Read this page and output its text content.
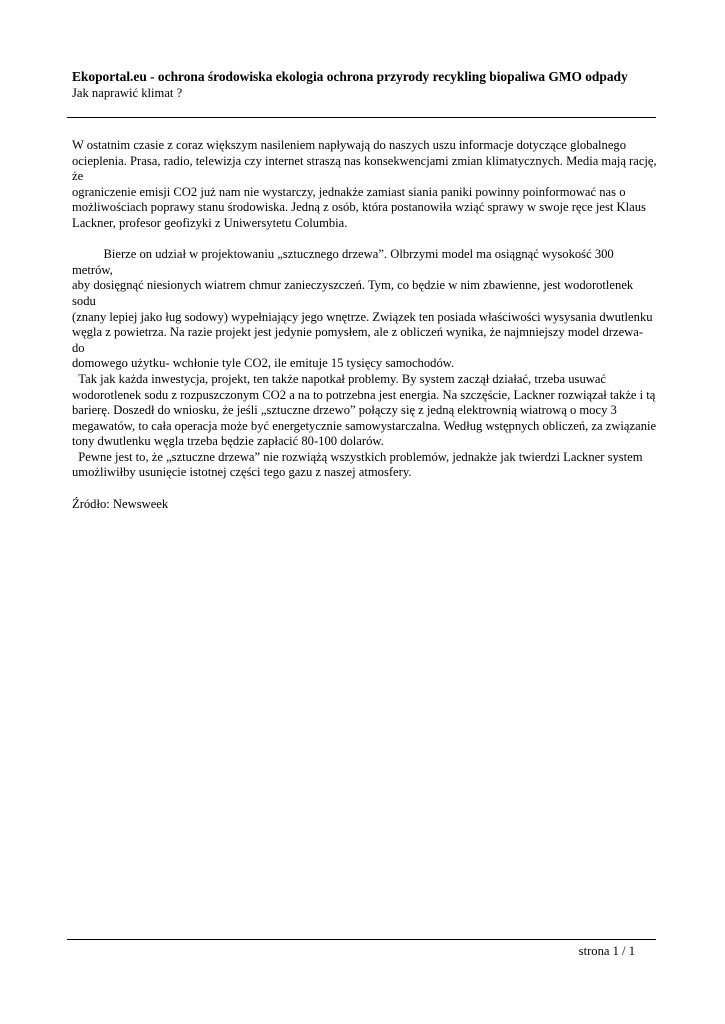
Ekoportal.eu - ochrona środowiska ekologia ochrona przyrody recykling biopaliwa GMO odpady
Jak naprawić klimat ?

W ostatnim czasie z coraz większym nasileniem napływają do naszych uszu informacje dotyczące globalnego
ocieplenia. Prasa, radio, telewizja czy internet straszą nas konsekwencjami zmian klimatycznych. Media mają rację, że
ograniczenie emisji CO2 już nam nie wystarczy, jednakże zamiast siania paniki powinny poinformować nas o
możliwościach poprawy stanu środowiska. Jedną z osób, która postanowiła wziąć sprawy w swoje ręce jest Klaus
Lackner, profesor geofizyki z Uniwersytetu Columbia.

Bierze on udział w projektowaniu „sztucznego drzewa”. Olbrzymi model ma osiągnąć wysokość 300 metrów,
aby dosięgnąć niesionych wiatrem chmur zanieczyszczeń. Tym, co będzie w nim zbawienne, jest wodorotlenek sodu
(znany lepiej jako ług sodowy) wypełniający jego wnętrze. Związek ten posiada właściwości wysysania dwutlenku
węgla z powietrza. Na razie projekt jest jedynie pomysłem, ale z obliczeń wynika, że najmniejszy model drzewa- do
domowego użytku- wchłonie tyle CO2, ile emituje 15 tysięcy samochodów.

Tak jak każda inwestycja, projekt, ten także napotkał problemy. By system zaczął działać, trzeba usuwać
wodorotlenek sodu z rozpuszczonym CO2 a na to potrzebna jest energia. Na szczęście, Lackner rozwiązał także i tą
barierę. Doszedł do wniosku, że jeśli „sztuczne drzewo” połączy się z jedną elektrownią wiatrową o mocy 3
megawatów, to cała operacja może być energetycznie samowystarczalna. Według wstępnych obliczeń, za związanie
tony dwutlenku węgla trzeba będzie zapłacić 80-100 dolarów.

Pewne jest to, że „sztuczne drzewa” nie rozwiążą wszystkich problemów, jednakże jak twierdzi Lackner system
umożliwiłby usunięcie istotnej części tego gazu z naszej atmosfery.

Źródło: Newsweek

strona 1 / 1
